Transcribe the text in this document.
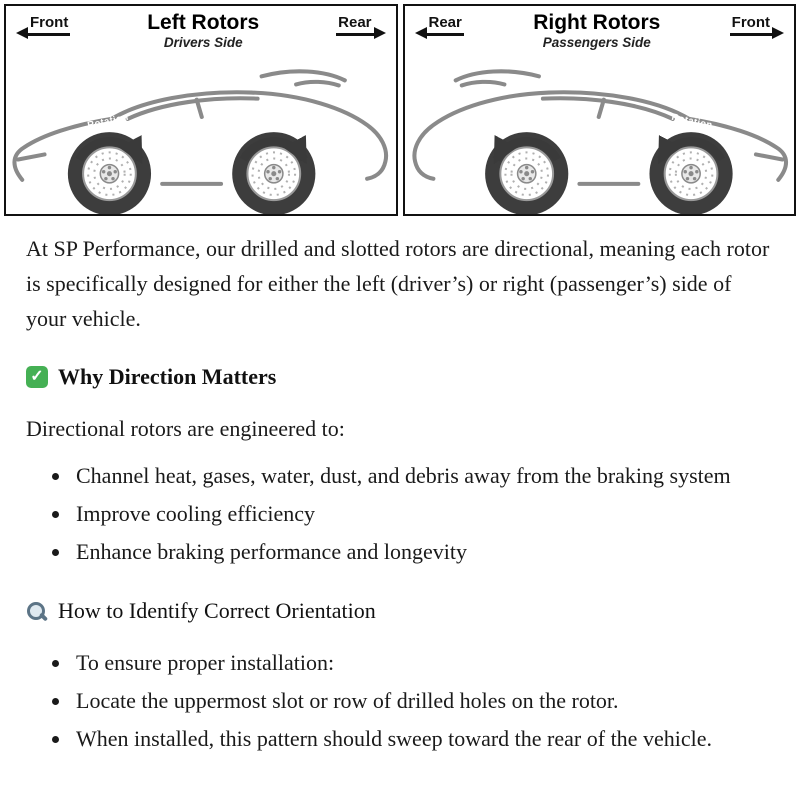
Front	Left Rotors
Drivers Side
Rear
Rotation	Rotation
Rear	Right Rotors
Passengers Side
Front
Rotation
Rotation

At SP Performance, our drilled and slotted rotors are directional, meaning each rotor is specifically designed for either the left (driver’s) or right (passenger’s) side of your vehicle.

✓
Why Direction Matters

Directional rotors are engineered to:

• Channel heat, gases, water, dust, and debris away from the braking system
• Improve cooling efficiency
• Enhance braking performance and longevity
How to Identify Correct Orientation
• To ensure proper installation:
• Locate the uppermost slot or row of drilled holes on the rotor.
• When installed, this pattern should sweep toward the rear of the vehicle.
